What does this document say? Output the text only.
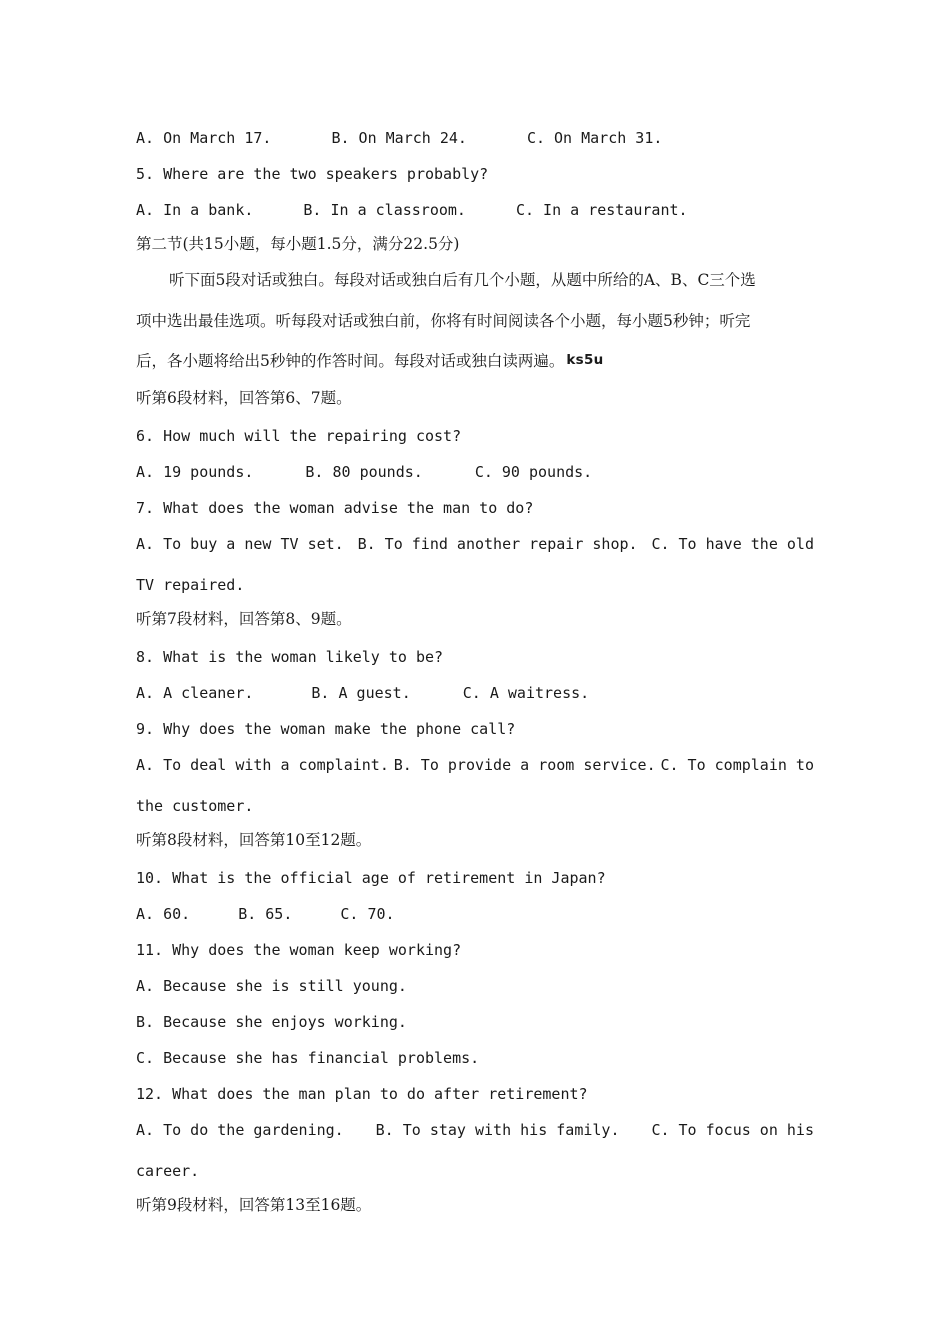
A. On March 17.	B. On March 24.	C. On March 31.
5. Where are the two speakers probably?
A. In a bank.	B. In a classroom.	C. In a restaurant.
第二节(共15小题，每小题1.5分，满分22.5分)
听下面5段对话或独白。每段对话或独白后有几个小题，从题中所给的A、B、C三个选
项中选出最佳选项。听每段对话或独白前，你将有时间阅读各个小题，每小题5秒钟；听完
后，各小题将给出5秒钟的作答时间。每段对话或独白读两遍。 ks5u
听第6段材料，回答第6、7题。
6. How much will the repairing cost?
A. 19 pounds.	B. 80 pounds.	C. 90 pounds.
7. What does the woman advise the man to do?
A. To buy a new TV set. B. To find another repair shop. C. To have the old
TV repaired.
听第7段材料，回答第8、9题。
8. What is the woman likely to be?
A. A cleaner.	B. A guest.	C. A waitress.
9. Why does the woman make the phone call?
A. To deal with a complaint. B. To provide a room service. C. To complain to
the customer.
听第8段材料，回答第10至12题。
10. What is the official age of retirement in Japan?
A. 60.	B. 65.	C. 70.
11. Why does the woman keep working?
A. Because she is still young.
B. Because she enjoys working.
C. Because she has financial problems.
12. What does the man plan to do after retirement?
A. To do the gardening. B. To stay with his family. C. To focus on his
career.
听第9段材料，回答第13至16题。
